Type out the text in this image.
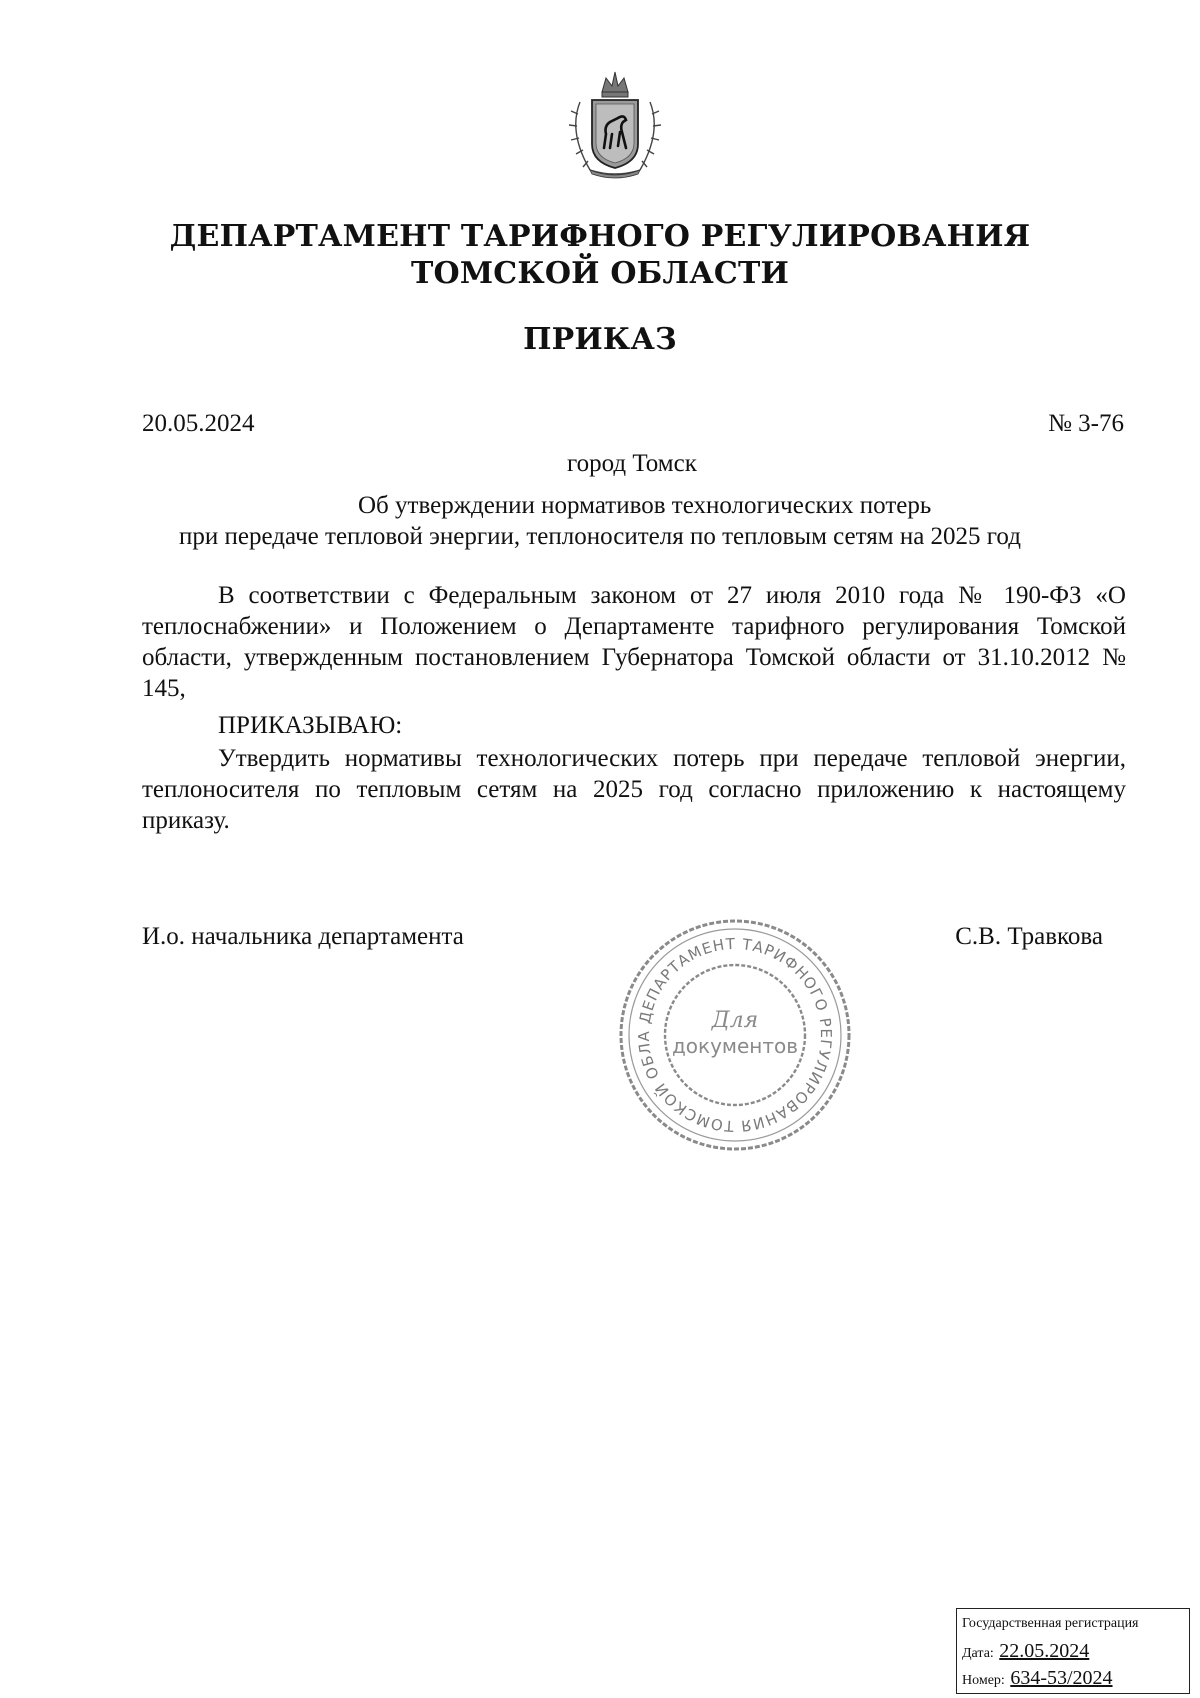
ДЕПАРТАМЕНТ ТАРИФНОГО РЕГУЛИРОВАНИЯ
ТОМСКОЙ ОБЛАСТИ
ПРИКАЗ
20.05.2024	№ 3-76
город Томск
Об утверждении нормативов технологических потерь
при передаче тепловой энергии, теплоносителя по тепловым сетям на 2025 год

В соответствии с Федеральным законом от 27 июля 2010 года № 190-ФЗ «О теплоснабжении» и Положением о Департаменте тарифного регулирования Томской области, утвержденным постановлением Губернатора Томской области от 31.10.2012 № 145,

ПРИКАЗЫВАЮ:

Утвердить нормативы технологических потерь при передаче тепловой энергии, теплоносителя по тепловым сетям на 2025 год согласно приложению к настоящему приказу.

И.о. начальника департамента	С.В. Травкова
ДЕПАРТАМЕНТ ТАРИФНОГО РЕГУЛИРОВАНИЯ ТОМСКОЙ ОБЛА
Для
документов
Государственная регистрация
Дата: 22.05.2024
Номер: 634-53/2024
